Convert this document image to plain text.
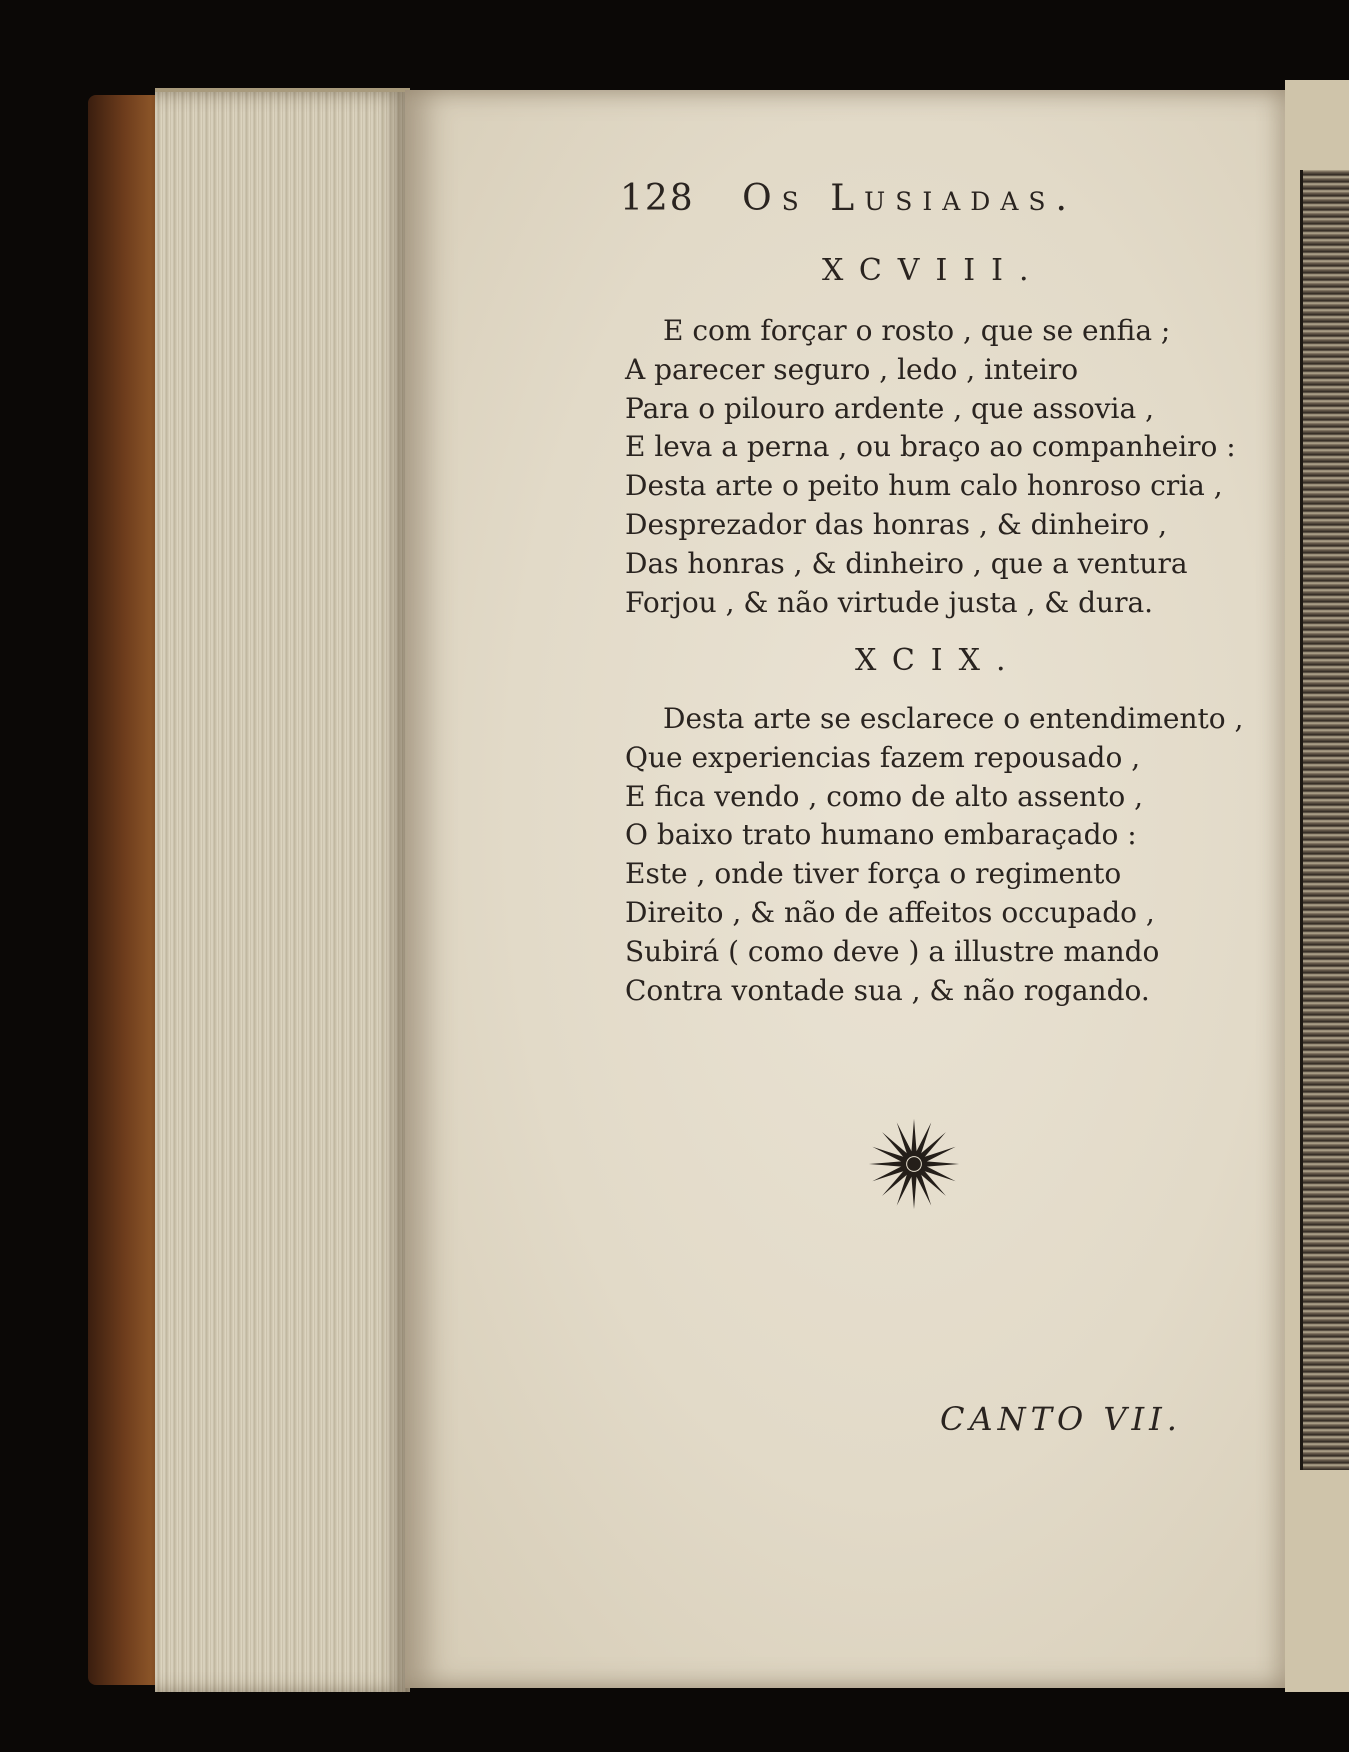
128 Os Lusiadas.
XCVIII.
E com forçar o rosto , que se enfia ;
A parecer seguro , ledo , inteiro
Para o pilouro ardente , que assovia ,
E leva a perna , ou braço ao companheiro :
Desta arte o peito hum calo honroso cria ,
Desprezador das honras , & dinheiro ,
Das honras , & dinheiro , que a ventura
Forjou , & não virtude justa , & dura.
XCIX.
Desta arte se esclarece o entendimento ,
Que experiencias fazem repousado ,
E fica vendo , como de alto assento ,
O baixo trato humano embaraçado :
Este , onde tiver força o regimento
Direito , & não de affeitos occupado ,
Subirá ( como deve ) a illustre mando
Contra vontade sua , & não rogando.
CANTO VII.
